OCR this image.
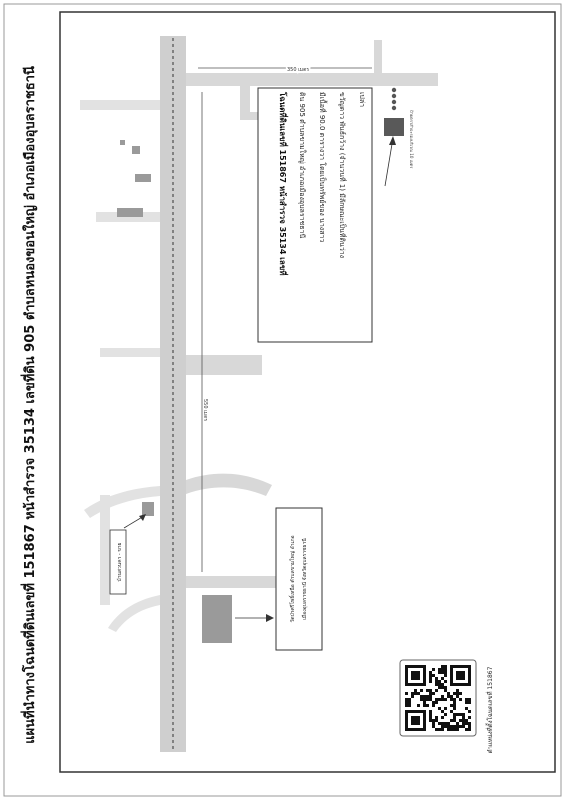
แผนที่นำทางโฉนดที่ดินเลขที่ 151867 หน้าสำรวจ 35134 เลขที่ดิน 905 ตำบลหนองขอนใหญ่ อำเภอเมืองอุบลราชธานี	350 เมตร
550 เมตร
โฉนดที่ดินเลขที่ 151867 หน้าสำรวจ 35134 เลขที่ ดิน 905 ตำบลขามใหญ่ อำเภอเมืองอุบลราชธานี มีเนื้อที่ 90.0 ตารางวา โดยเป็นทรัพย์ของ นางสาว	ขวัญดาว พันธ์กว้าง (จำนวนที่ 1) มีลักษณะเป็นที่ดินว่าง เปล่า
ป้ายตราสำปะรองบริเวณ 10 เมตร
บ้านสวนคา - ขาย	วัดป่าศรีโพธิ์เหนือ ตำบลขามใหญ่ อำเภอ เมืองอุบลราชธานี จังหวัดอุบลราชธานี
ตำแหน่งที่ตั้งโฉนดเลขที่ 151867
